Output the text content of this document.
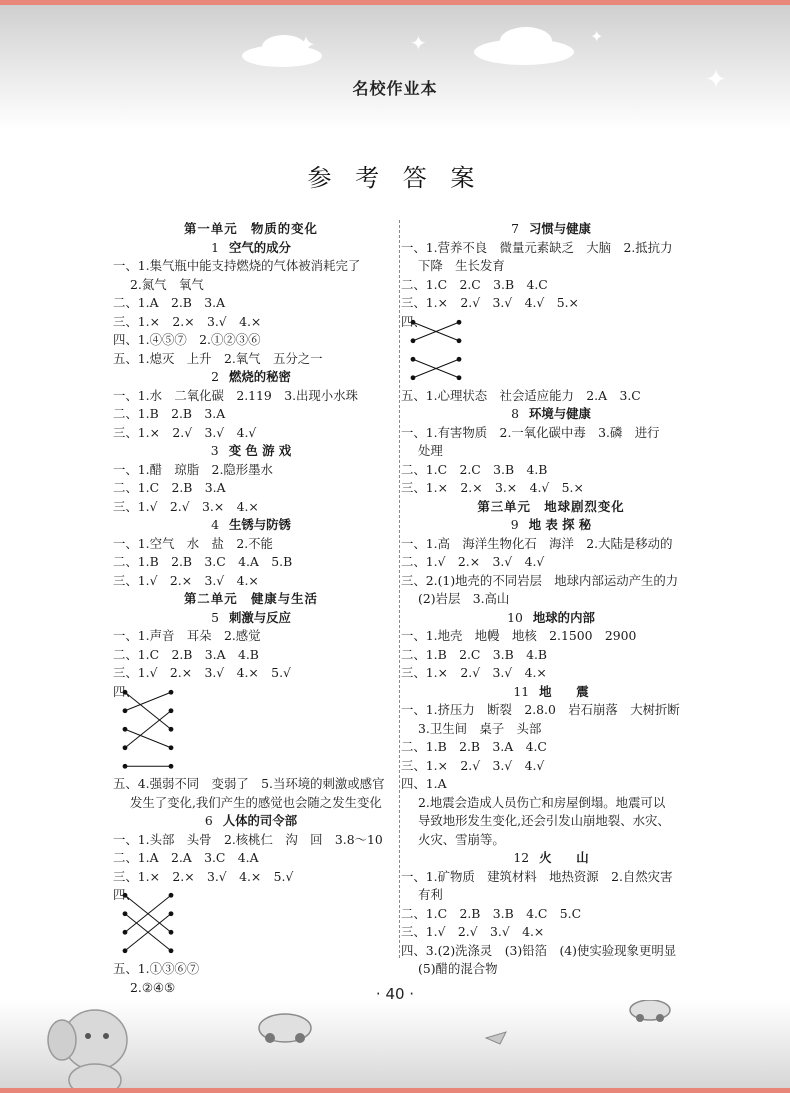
✦	✦	✦
✦
名校作业本
参 考 答 案
第一单元　物质的变化
1 空气的成分
一、1.集气瓶中能支持燃烧的气体被消耗完了
2.氮气　氧气
二、1.A　2.B　3.A
三、1.×　2.×　3.√　4.×
四、1.④⑤⑦　2.①②③⑥
五、1.熄灭　上升　2.氧气　五分之一
2 燃烧的秘密
一、1.水　二氧化碳　2.119　3.出现小水珠
二、1.B　2.B　3.A
三、1.×　2.√　3.√　4.√
3 变 色 游 戏
一、1.醋　琼脂　2.隐形墨水
二、1.C　2.B　3.A
三、1.√　2.√　3.×　4.×
4 生锈与防锈
一、1.空气　水　盐　2.不能
二、1.B　2.B　3.C　4.A　5.B
三、1.√　2.×　3.√　4.×
第二单元　健康与生活
5 刺激与反应
一、1.声音　耳朵　2.感觉
二、1.C　2.B　3.A　4.B
三、1.√　2.×　3.√　4.×　5.√
四、
五、4.强弱不同　变弱了　5.当环境的刺激或感官
发生了变化,我们产生的感觉也会随之发生变化
6 人体的司令部
一、1.头部　头骨　2.核桃仁　沟　回　3.8～10
二、1.A　2.A　3.C　4.A
三、1.×　2.×　3.√　4.×　5.√
四、
五、1.①③⑥⑦
2.②④⑤
7 习惯与健康
一、1.营养不良　微量元素缺乏　大脑　2.抵抗力
下降　生长发育
二、1.C　2.C　3.B　4.C
三、1.×　2.√　3.√　4.√　5.×
四、
五、1.心理状态　社会适应能力　2.A　3.C
8 环境与健康
一、1.有害物质　2.一氧化碳中毒　3.磷　进行
处理
二、1.C　2.C　3.B　4.B
三、1.×　2.×　3.×　4.√　5.×
第三单元　地球剧烈变化
9 地 表 探 秘
一、1.高　海洋生物化石　海洋　2.大陆是移动的
二、1.√　2.×　3.√　4.√
三、2.(1)地壳的不同岩层　地球内部运动产生的力
(2)岩层　3.高山
10 地球的内部
一、1.地壳　地幔　地核　2.1500　2900
二、1.B　2.C　3.B　4.B
三、1.×　2.√　3.√　4.×
11 地　　震
一、1.挤压力　断裂　2.8.0　岩石崩落　大树折断
3.卫生间　桌子　头部
二、1.B　2.B　3.A　4.C
三、1.×　2.√　3.√　4.√
四、1.A
2.地震会造成人员伤亡和房屋倒塌。地震可以
导致地形发生变化,还会引发山崩地裂、水灾、
火灾、雪崩等。
12 火　　山
一、1.矿物质　建筑材料　地热资源　2.自然灾害
有利
二、1.C　2.B　3.B　4.C　5.C
三、1.√　2.√　3.√　4.×
四、3.(2)洗涤灵　(3)铅箔　(4)使实验现象更明显
(5)醋的混合物
· 40 ·
